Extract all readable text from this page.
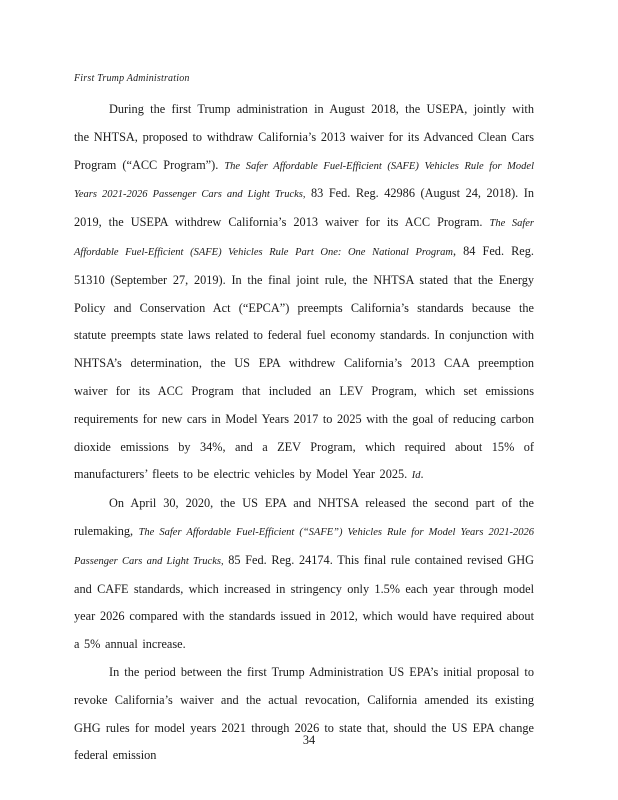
First Trump Administration

During the first Trump administration in August 2018, the USEPA, jointly with the NHTSA, proposed to withdraw California’s 2013 waiver for its Advanced Clean Cars Program (“ACC Program”). The Safer Affordable Fuel-Efficient (SAFE) Vehicles Rule for Model Years 2021-2026 Passenger Cars and Light Trucks, 83 Fed. Reg. 42986 (August 24, 2018). In 2019, the USEPA withdrew California’s 2013 waiver for its ACC Program. The Safer Affordable Fuel-Efficient (SAFE) Vehicles Rule Part One: One National Program, 84 Fed. Reg. 51310 (September 27, 2019). In the final joint rule, the NHTSA stated that the Energy Policy and Conservation Act (“EPCA”) preempts California’s standards because the statute preempts state laws related to federal fuel economy standards. In conjunction with NHTSA’s determination, the US EPA withdrew California’s 2013 CAA preemption waiver for its ACC Program that included an LEV Program, which set emissions requirements for new cars in Model Years 2017 to 2025 with the goal of reducing carbon dioxide emissions by 34%, and a ZEV Program, which required about 15% of manufacturers’ fleets to be electric vehicles by Model Year 2025. Id.

On April 30, 2020, the US EPA and NHTSA released the second part of the rulemaking, The Safer Affordable Fuel-Efficient (“SAFE”) Vehicles Rule for Model Years 2021-2026 Passenger Cars and Light Trucks, 85 Fed. Reg. 24174. This final rule contained revised GHG and CAFE standards, which increased in stringency only 1.5% each year through model year 2026 compared with the standards issued in 2012, which would have required about a 5% annual increase.

In the period between the first Trump Administration US EPA’s initial proposal to revoke California’s waiver and the actual revocation, California amended its existing GHG rules for model years 2021 through 2026 to state that, should the US EPA change federal emission

34
